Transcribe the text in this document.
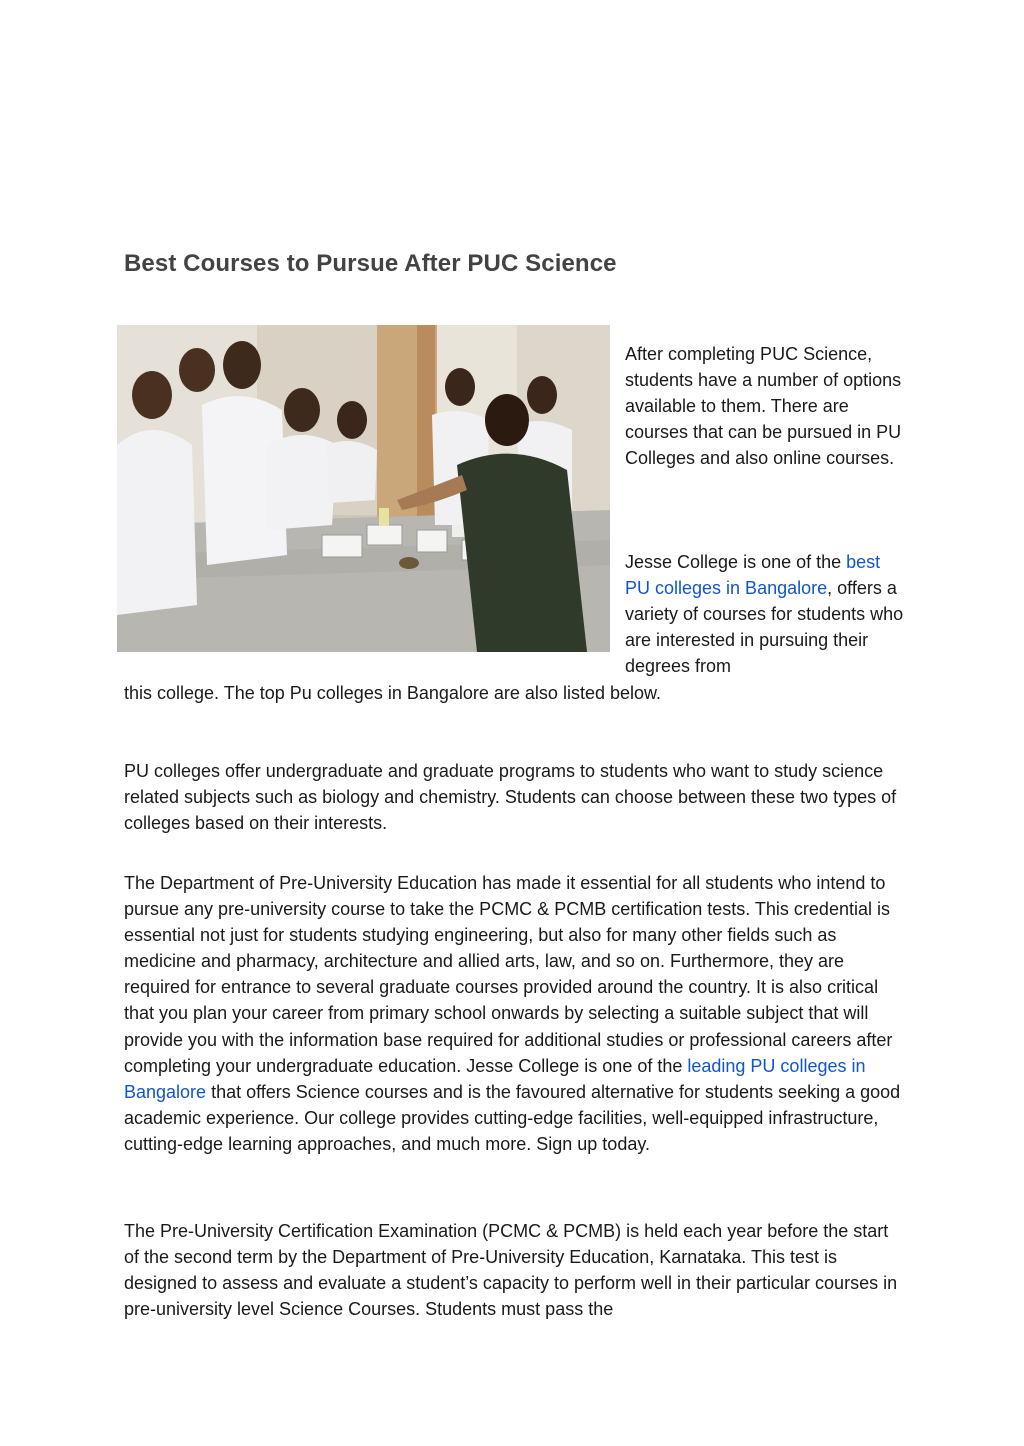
Best Courses to Pursue After PUC Science

After completing PUC Science, students have a number of options available to them. There are courses that can be pursued in PU Colleges and also online courses.

Jesse College is one of the best PU colleges in Bangalore, offers a variety of courses for students who are interested in pursuing their degrees from

this college. The top Pu colleges in Bangalore are also listed below.

PU colleges offer undergraduate and graduate programs to students who want to study science related subjects such as biology and chemistry. Students can choose between these two types of colleges based on their interests.

The Department of Pre-University Education has made it essential for all students who intend to pursue any pre-university course to take the PCMC & PCMB certification tests. This credential is essential not just for students studying engineering, but also for many other fields such as medicine and pharmacy, architecture and allied arts, law, and so on. Furthermore, they are required for entrance to several graduate courses provided around the country. It is also critical that you plan your career from primary school onwards by selecting a suitable subject that will provide you with the information base required for additional studies or professional careers after completing your undergraduate education. Jesse College is one of the leading PU colleges in Bangalore that offers Science courses and is the favoured alternative for students seeking a good academic experience. Our college provides cutting-edge facilities, well-equipped infrastructure, cutting-edge learning approaches, and much more. Sign up today.

The Pre-University Certification Examination (PCMC & PCMB) is held each year before the start of the second term by the Department of Pre-University Education, Karnataka. This test is designed to assess and evaluate a student’s capacity to perform well in their particular courses in pre-university level Science Courses. Students must pass the
